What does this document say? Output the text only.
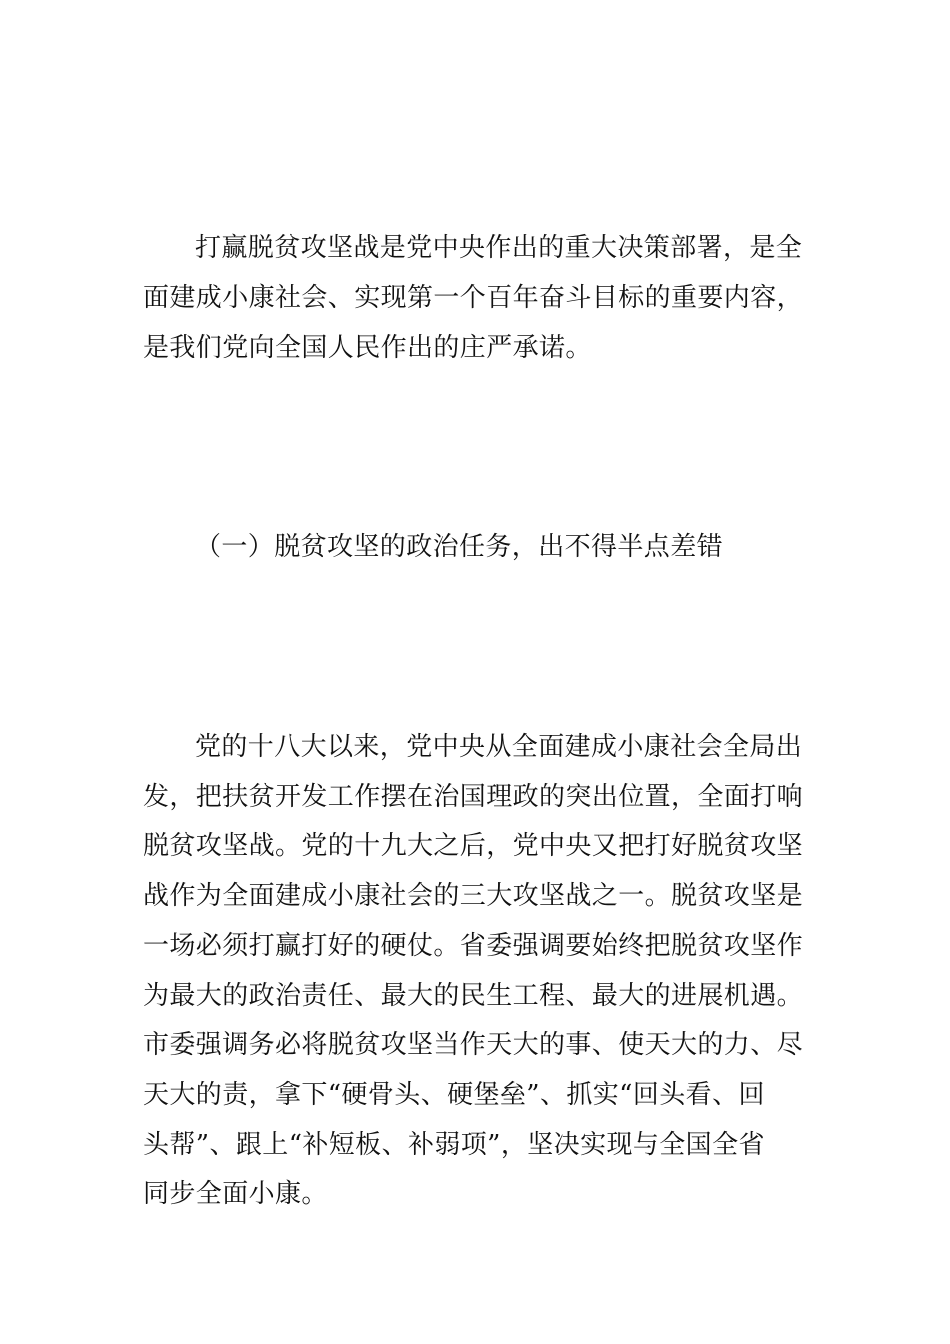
打赢脱贫攻坚战是党中央作出的重大决策部署，是全
面建成小康社会、实现第一个百年奋斗目标的重要内容，
是我们党向全国人民作出的庄严承诺。
（一）脱贫攻坚的政治任务，出不得半点差错
党的十八大以来，党中央从全面建成小康社会全局出
发，把扶贫开发工作摆在治国理政的突出位置，全面打响
脱贫攻坚战。党的十九大之后，党中央又把打好脱贫攻坚
战作为全面建成小康社会的三大攻坚战之一。脱贫攻坚是
一场必须打赢打好的硬仗。省委强调要始终把脱贫攻坚作
为最大的政治责任、最大的民生工程、最大的进展机遇。
市委强调务必将脱贫攻坚当作天大的事、使天大的力、尽
天大的责，拿下“硬骨头、硬堡垒”、抓实“回头看、回
头帮”、跟上“补短板、补弱项”，坚决实现与全国全省
同步全面小康。
